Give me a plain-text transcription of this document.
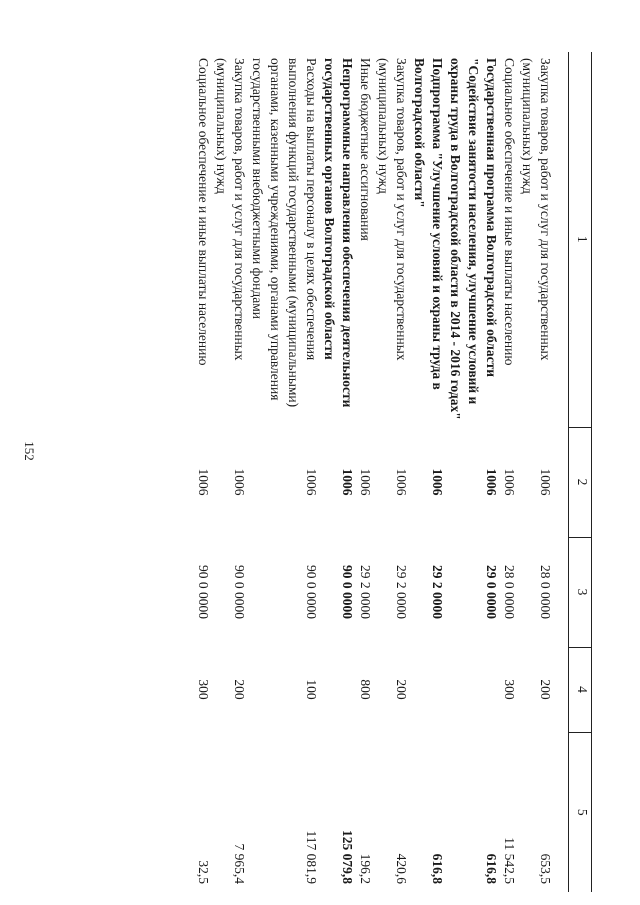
152
1	2	3	4	5

Закупка товаров, работ и услуг для государственных (муниципальных) нужд	1006	28 0 0000	200	653,5
Социальное обеспечение и иные выплаты населению	1006	28 0 0000	300	11 542,5
Государственная программа Волгоградской области "Содействие занятости населения, улучшение условий и охраны труда в Волгоградской области в 2014 - 2016 годах"	1006	29 0 0000		616,8
Подпрограмма "Улучшение условий и охраны труда в Волгоградской области"	1006	29 2 0000		616,8
Закупка товаров, работ и услуг для государственных (муниципальных) нужд	1006	29 2 0000	200	420,6
Иные бюджетные ассигнования	1006	29 2 0000	800	196,2
Непрограммные направления обеспечения деятельности государственных органов Волгоградской области	1006	90 0 0000		125 079,8
Расходы на выплаты персоналу в целях обеспечения выполнения функций государственными (муниципальными) органами, казенными учреждениями, органами управления государственными внебюджетными фондами	1006	90 0 0000	100	117 081,9
Закупка товаров, работ и услуг для государственных (муниципальных) нужд	1006	90 0 0000	200	7 965,4
Социальное обеспечение и иные выплаты населению	1006	90 0 0000	300	32,5
